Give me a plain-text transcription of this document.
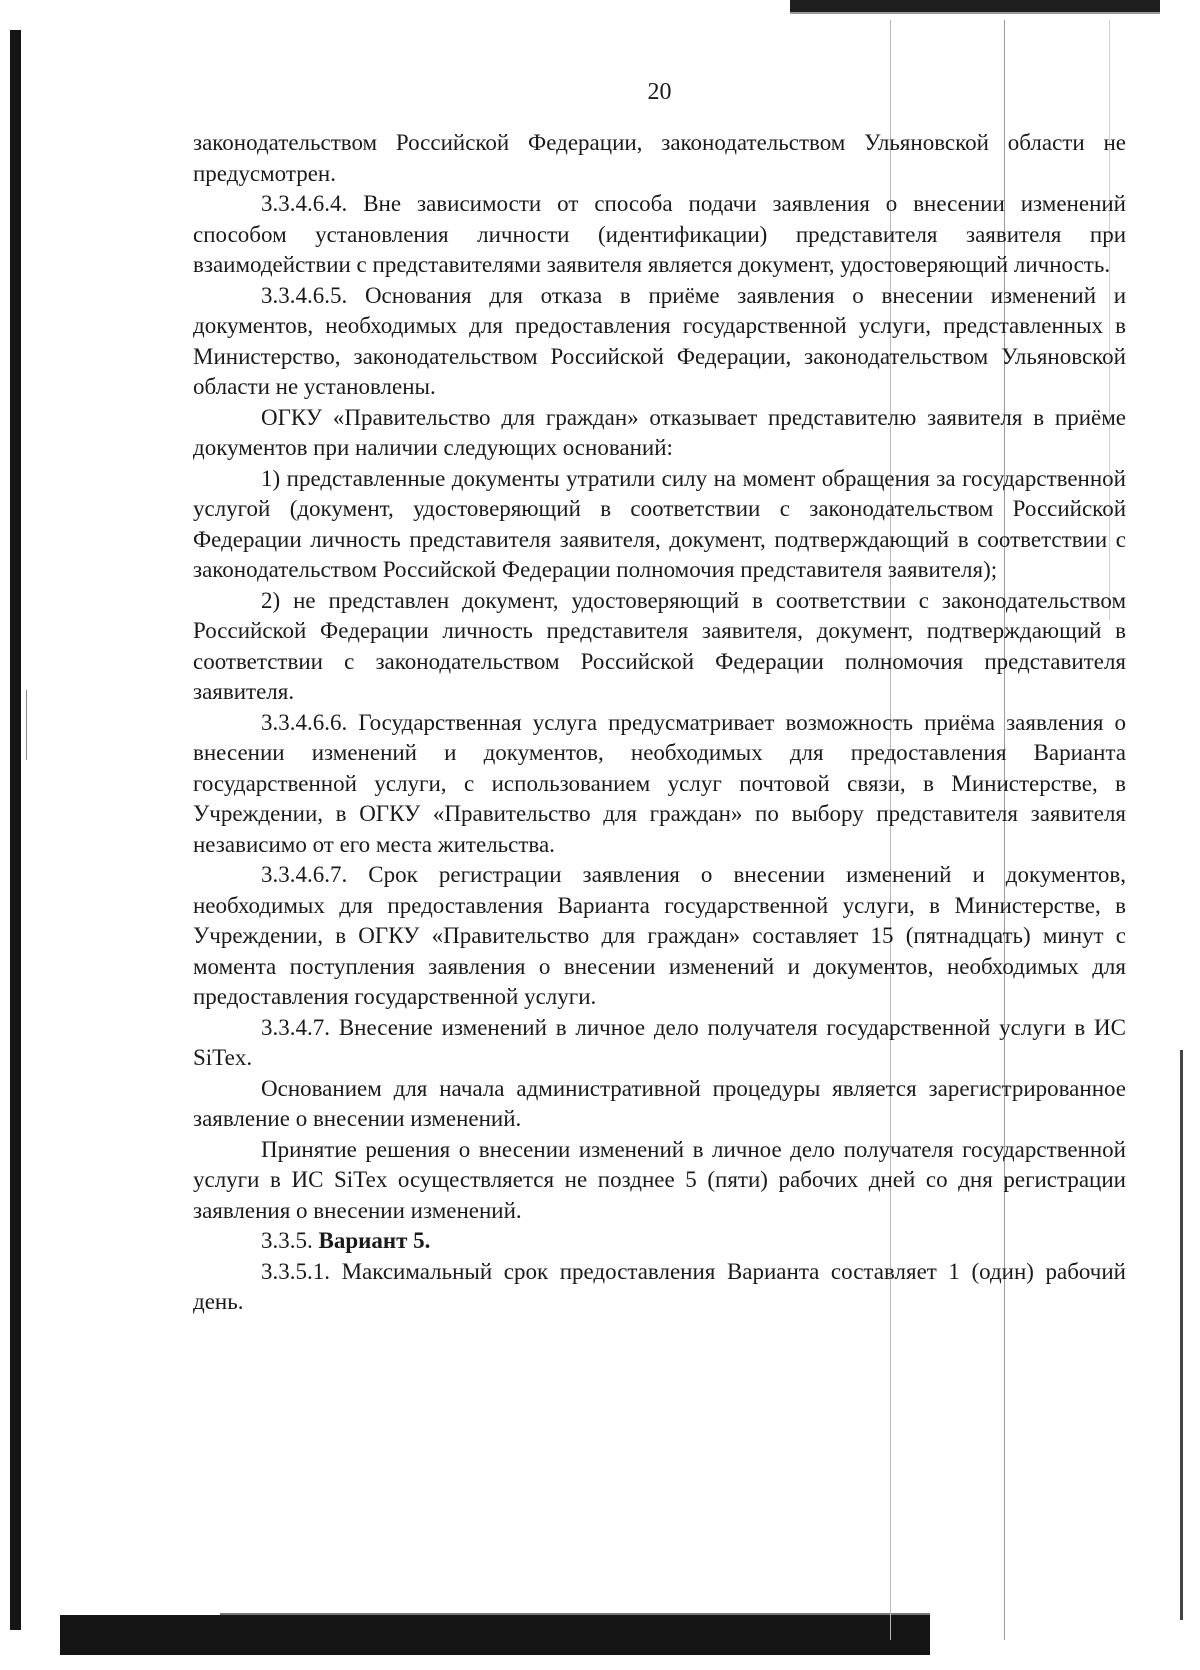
20

законодательством Российской Федерации, законодательством Ульяновской области не предусмотрен.

3.3.4.6.4. Вне зависимости от способа подачи заявления о внесении изменений способом установления личности (идентификации) представителя заявителя при взаимодействии с представителями заявителя является документ, удостоверяющий личность.

3.3.4.6.5. Основания для отказа в приёме заявления о внесении изменений и документов, необходимых для предоставления государственной услуги, представленных в Министерство, законодательством Российской Федерации, законодательством Ульяновской области не установлены.

ОГКУ «Правительство для граждан» отказывает представителю заявителя в приёме документов при наличии следующих оснований:

1) представленные документы утратили силу на момент обращения за государственной услугой (документ, удостоверяющий в соответствии с законодательством Российской Федерации личность представителя заявителя, документ, подтверждающий в соответствии с законодательством Российской Федерации полномочия представителя заявителя);

2) не представлен документ, удостоверяющий в соответствии с законодательством Российской Федерации личность представителя заявителя, документ, подтверждающий в соответствии с законодательством Российской Федерации полномочия представителя заявителя.

3.3.4.6.6. Государственная услуга предусматривает возможность приёма заявления о внесении изменений и документов, необходимых для предоставления Варианта государственной услуги, с использованием услуг почтовой связи, в Министерстве, в Учреждении, в ОГКУ «Правительство для граждан» по выбору представителя заявителя независимо от его места жительства.

3.3.4.6.7. Срок регистрации заявления о внесении изменений и документов, необходимых для предоставления Варианта государственной услуги, в Министерстве, в Учреждении, в ОГКУ «Правительство для граждан» составляет 15 (пятнадцать) минут с момента поступления заявления о внесении изменений и документов, необходимых для предоставления государственной услуги.

3.3.4.7. Внесение изменений в личное дело получателя государственной услуги в ИС SiTex.

Основанием для начала административной процедуры является зарегистрированное заявление о внесении изменений.

Принятие решения о внесении изменений в личное дело получателя государственной услуги в ИС SiTex осуществляется не позднее 5 (пяти) рабочих дней со дня регистрации заявления о внесении изменений.

3.3.5. Вариант 5.

3.3.5.1. Максимальный срок предоставления Варианта составляет 1 (один) рабочий день.
